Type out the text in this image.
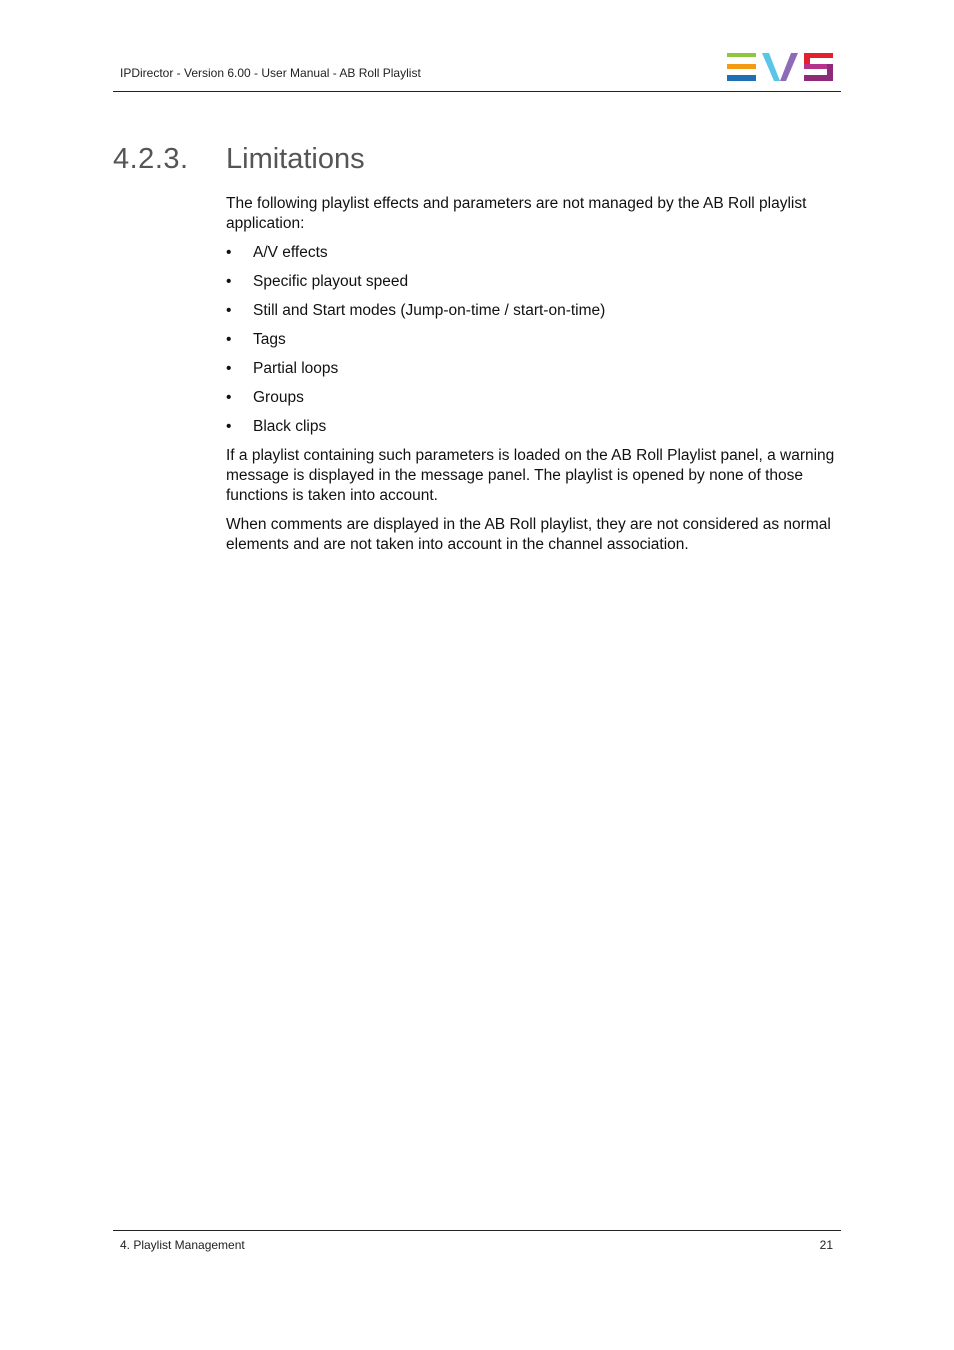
IPDirector - Version 6.00 - User Manual - AB Roll Playlist
4.2.3. Limitations

The following playlist effects and parameters are not managed by the AB Roll playlist application:

•	A/V effects
•	Specific playout speed
•	Still and Start modes (Jump-on-time / start-on-time)
•	Tags
•	Partial loops
•	Groups
•	Black clips

If a playlist containing such parameters is loaded on the AB Roll Playlist panel, a warning message is displayed in the message panel. The playlist is opened by none of those functions is taken into account.

When comments are displayed in the AB Roll playlist, they are not considered as normal elements and are not taken into account in the channel association.

4. Playlist Management	21
